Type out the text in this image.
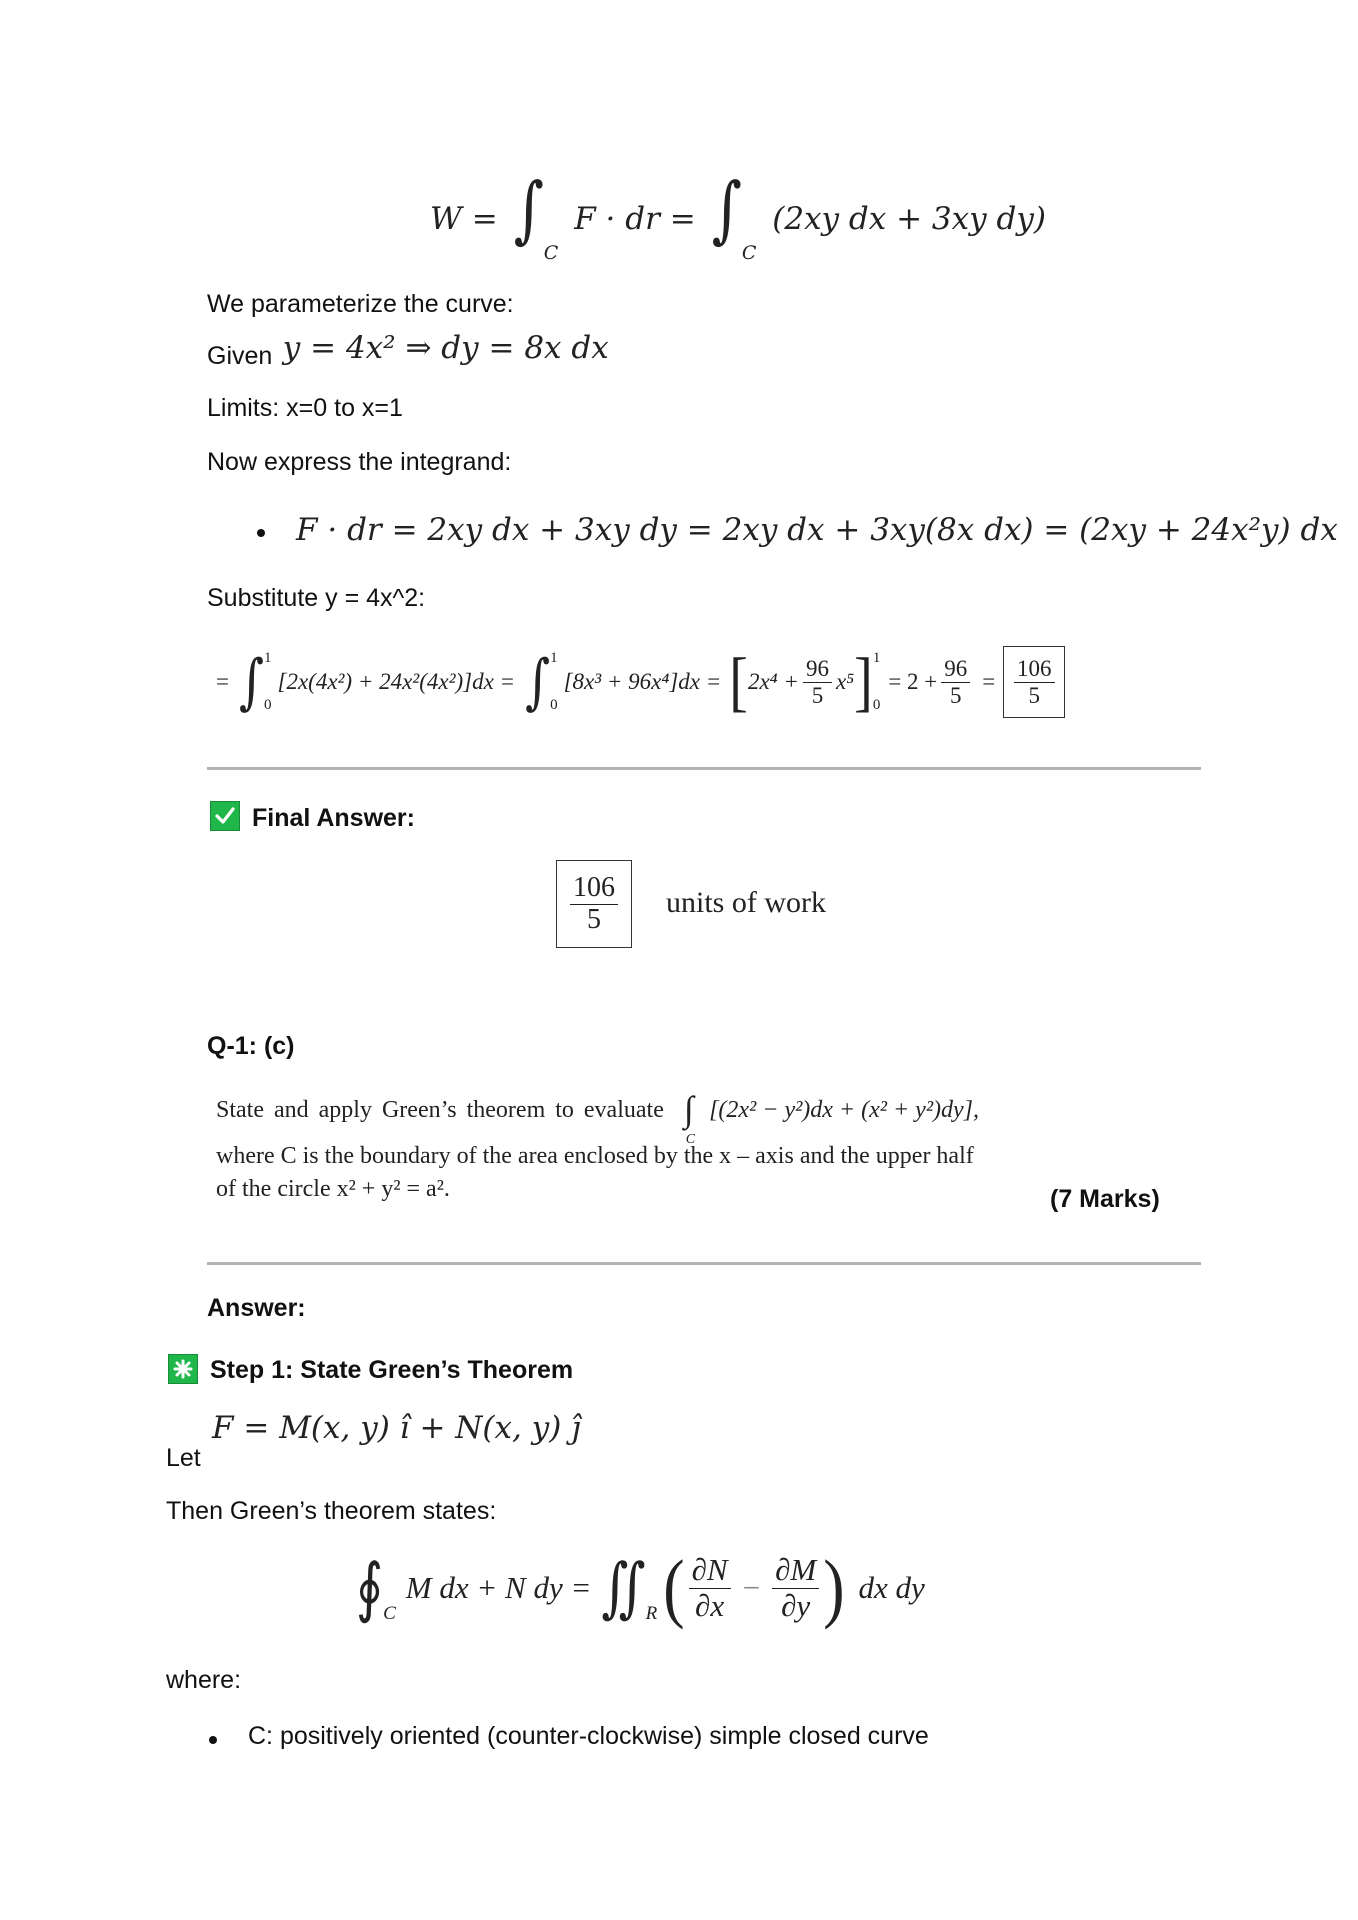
$W = \int_C$ F · dr = $\int_C$ (2xy dx + 3xy dy)
We parameterize the curve:
Given y = 4x² ⇒ dy = 8x dx
Limits: x=0 to x=1
Now express the integrand:
F · dr = 2xy dx + 3xy dy = 2xy dx + 3xy(8x dx) = (2xy + 24x²y) dx
Substitute y = 4x^2:
= ∫ 1
0
[2x(4x²) + 24x²(4x²)]dx = ∫ 1
0
[8x³ + 96x⁴]dx = [ $2x^4 + \frac{96}{5} x^5$ ] 1
0
= $2 + \frac{96}{5} = \frac{106}{5}$
Final Answer:
$\frac{106}{5}$ units of work
Q-1: (c)
State and apply Green’s theorem to evaluate $\int_C$ [(2x² − y²)dx + (x² + y²)dy],
where C is the boundary of the area enclosed by the x – axis and the upper half
of the circle x² + y² = a².	(7 Marks)
Answer:
Step 1: State Green’s Theorem
Let
F = M(x, y) î + N(x, y) ĵ
Then Green’s theorem states:
∮ C
M dx + N dy = ∬ R ( $\frac{\partial N}{\partial x} - \frac{\partial M}{\partial y}$ ) dx dy
where:
C: positively oriented (counter-clockwise) simple closed curve
